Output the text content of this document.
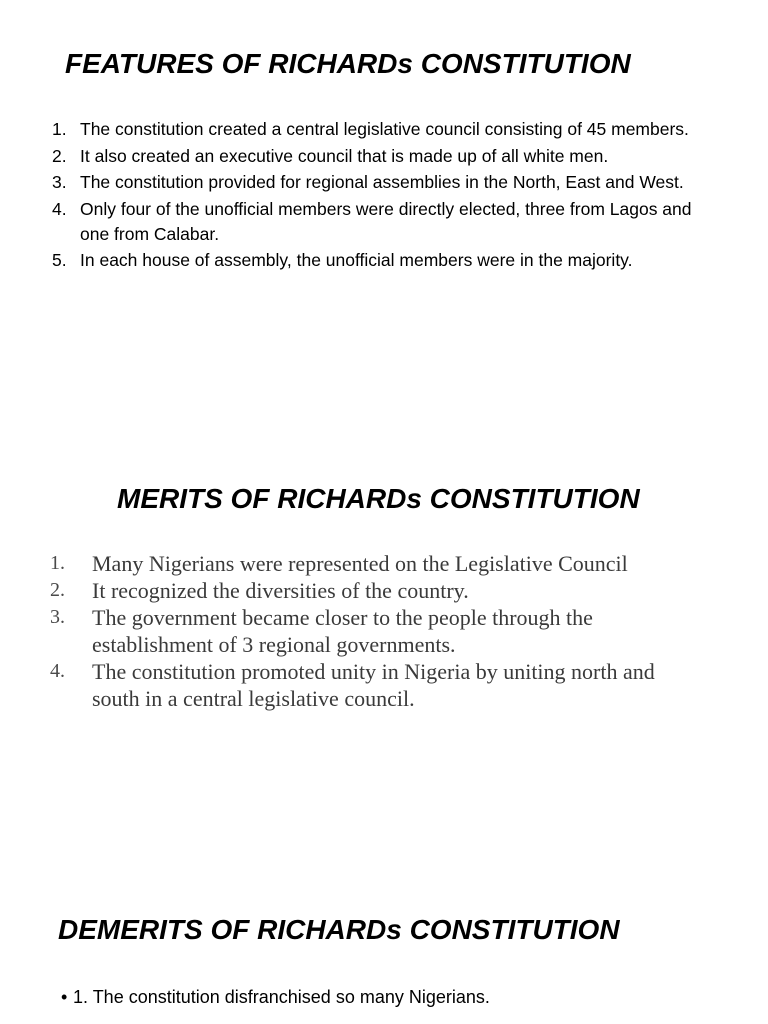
FEATURES OF RICHARDs CONSTITUTION
1. The constitution created a central legislative council consisting of 45 members.
2. It also created an executive council that is made up of all white men.
3. The constitution provided for regional assemblies in the North, East and West.
4. Only four of the unofficial members were directly elected, three from Lagos and one from Calabar.
5. In each house of assembly, the unofficial members were in the majority.
MERITS OF RICHARDs CONSTITUTION
1. Many Nigerians were represented on the Legislative Council
2. It recognized the diversities of the country.
3. The government became closer to the people through the establishment of 3 regional governments.
4. The constitution promoted unity in Nigeria by uniting north and south in a central legislative council.
DEMERITS OF RICHARDs CONSTITUTION
• 1. The constitution disfranchised so many Nigerians.
